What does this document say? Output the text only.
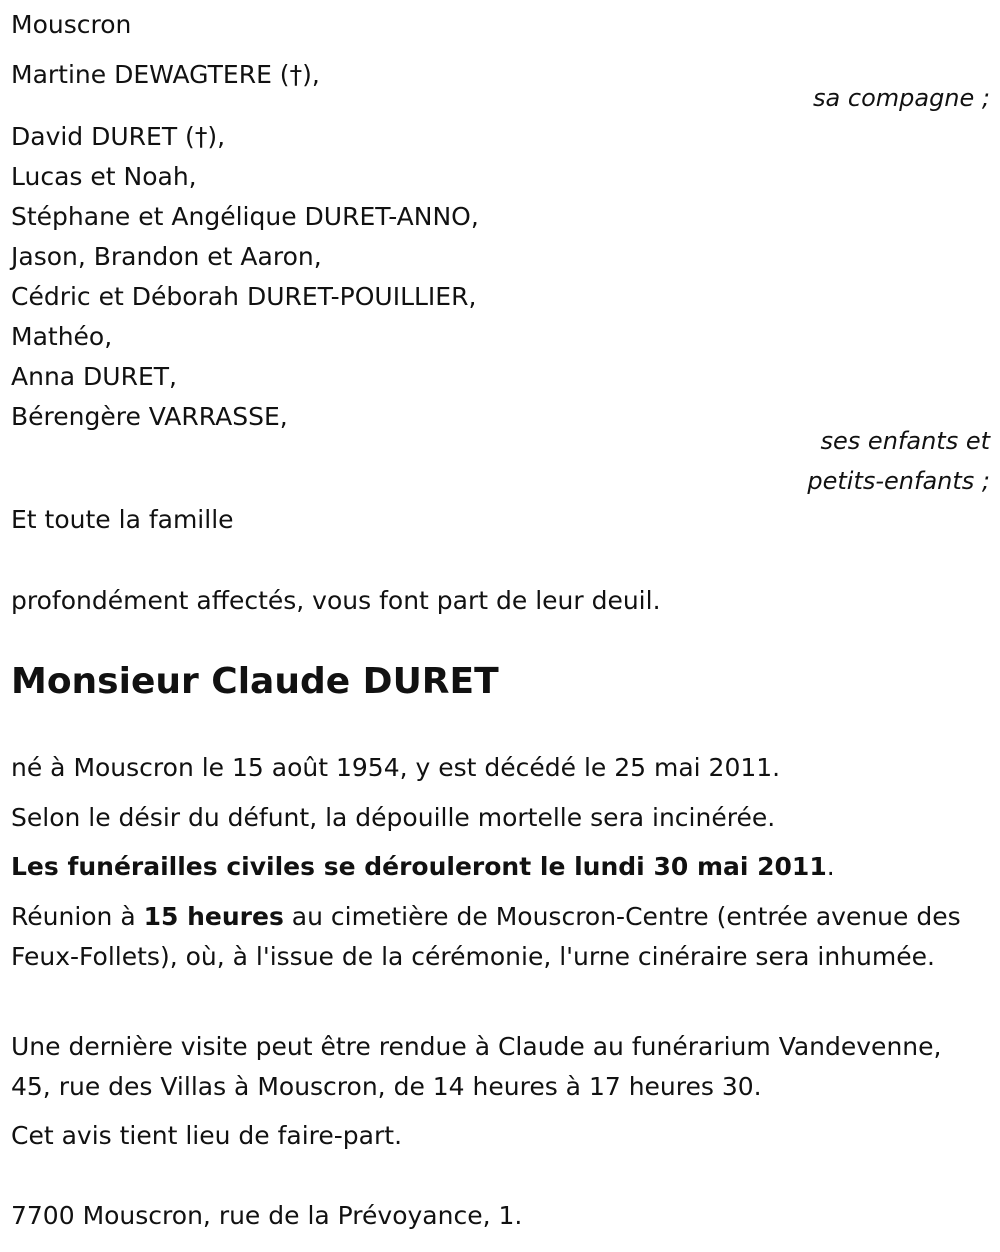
Mouscron
Martine DEWAGTERE (†),
sa compagne ;
David DURET (†),
Lucas et Noah,
Stéphane et Angélique DURET-ANNO,
Jason, Brandon et Aaron,
Cédric et Déborah DURET-POUILLIER,
Mathéo,
Anna DURET,
Bérengère VARRASSE,
ses enfants et
petits-enfants ;
Et toute la famille
profondément affectés, vous font part de leur deuil.
Monsieur Claude DURET
né à Mouscron le 15 août 1954, y est décédé le 25 mai 2011.
Selon le désir du défunt, la dépouille mortelle sera incinérée.
Les funérailles civiles se dérouleront le lundi 30 mai 2011.
Réunion à 15 heures au cimetière de Mouscron-Centre (entrée avenue des Feux-Follets), où, à l'issue de la cérémonie, l'urne cinéraire sera inhumée.
Une dernière visite peut être rendue à Claude au funérarium Vandevenne, 45, rue des Villas à Mouscron, de 14 heures à 17 heures 30.
Cet avis tient lieu de faire-part.
7700 Mouscron, rue de la Prévoyance, 1.
